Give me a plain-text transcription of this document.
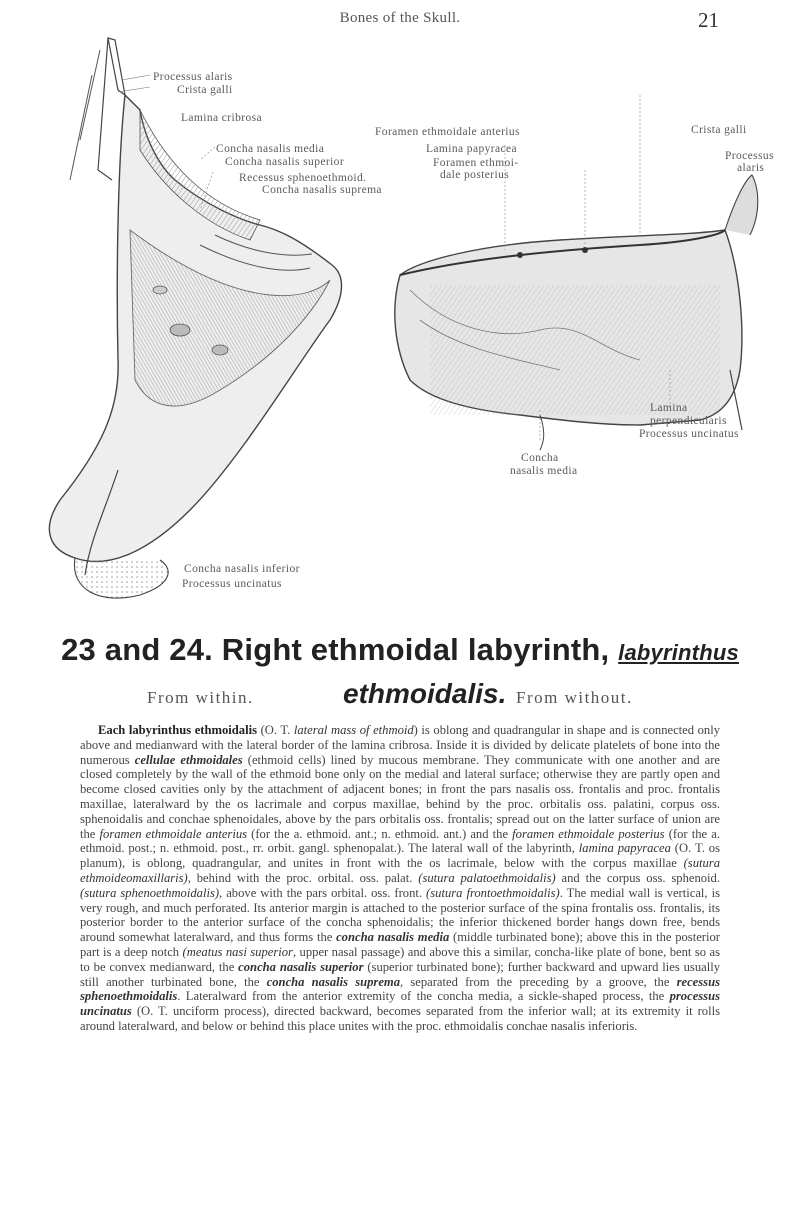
Bones of the Skull.	21
Processus alaris
Crista galli
Lamina cribrosa
Concha nasalis media
Concha nasalis superior
Recessus sphenoethmoid.
Concha nasalis suprema
Concha nasalis inferior
Processus uncinatus
Foramen ethmoidale anterius
Lamina papyracea
Foramen ethmoi-
dale posterius
Crista galli
Processus
alaris
Lamina
perpendicularis
Processus uncinatus
Concha
nasalis media
23 and 24. Right ethmoidal labyrinth, labyrinthus
From within.	ethmoidalis. From without.
Each labyrinthus ethmoidalis (O. T. lateral mass of ethmoid) is oblong and quadrangular in shape and is connected only above and medianward with the lateral border of the lamina cribrosa. Inside it is divided by delicate platelets of bone into the numerous cellulae ethmoidales (ethmoid cells) lined by mucous membrane. They communicate with one another and are closed completely by the wall of the ethmoid bone only on the medial and lateral surface; otherwise they are partly open and become closed cavities only by the attachment of adjacent bones; in front the pars nasalis oss. frontalis and proc. frontalis maxillae, lateralward by the os lacrimale and corpus maxillae, behind by the proc. orbitalis oss. palatini, corpus oss. sphenoidalis and conchae sphenoidales, above by the pars orbitalis oss. frontalis; spread out on the latter surface of union are the foramen ethmoidale anterius (for the a. ethmoid. ant.; n. ethmoid. ant.) and the foramen ethmoidale posterius (for the a. ethmoid. post.; n. ethmoid. post., rr. orbit. gangl. sphenopalat.). The lateral wall of the labyrinth, lamina papyracea (O. T. os planum), is oblong, quadrangular, and unites in front with the os lacrimale, below with the corpus maxillae (sutura ethmoideomaxillaris), behind with the proc. orbital. oss. palat. (sutura palatoethmoidalis) and the corpus oss. sphenoid. (sutura sphenoethmoidalis), above with the pars orbital. oss. front. (sutura frontoethmoidalis). The medial wall is vertical, is very rough, and much perforated. Its anterior margin is attached to the posterior surface of the spina frontalis oss. frontalis, its posterior border to the anterior surface of the concha sphenoidalis; the inferior thickened border hangs down free, bends around somewhat lateralward, and thus forms the concha nasalis media (middle turbinated bone); above this in the posterior part is a deep notch (meatus nasi superior, upper nasal passage) and above this a similar, concha-like plate of bone, bent so as to be convex medianward, the concha nasalis superior (superior turbinated bone); further backward and upward lies usually still another turbinated bone, the concha nasalis suprema, separated from the preceding by a groove, the recessus sphenoethmoidalis. Lateralward from the anterior extremity of the concha media, a sickle-shaped process, the processus uncinatus (O. T. unciform process), directed backward, becomes separated from the inferior wall; at its extremity it rolls around lateralward, and below or behind this place unites with the proc. ethmoidalis conchae nasalis inferioris.
